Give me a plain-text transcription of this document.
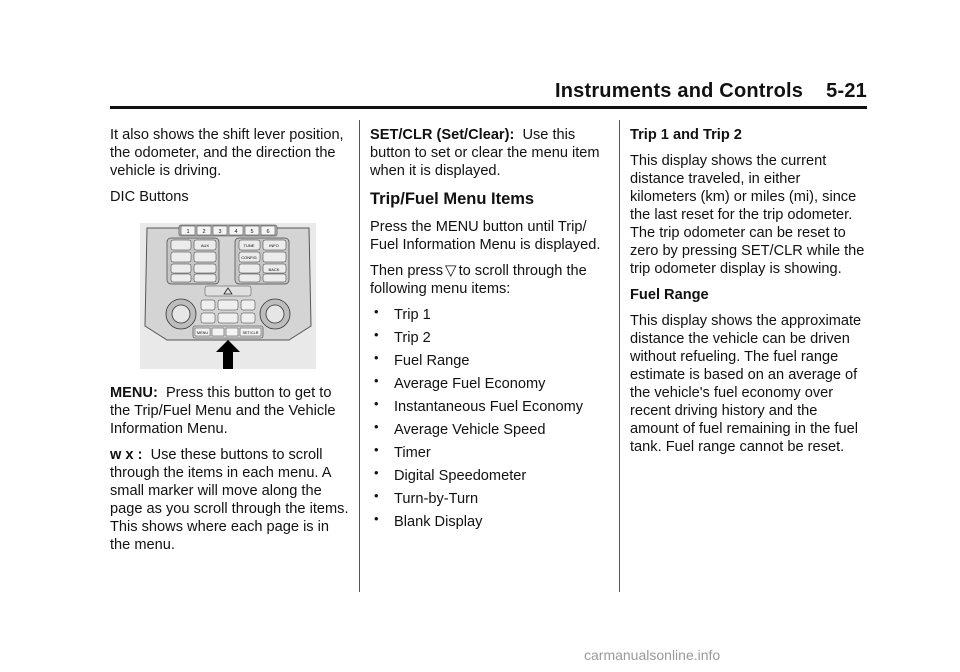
Instruments and Controls 5-21

It also shows the shift lever position, the odometer, and the direction the vehicle is driving.

DIC Buttons

1 2 3 4 5 6
AUX	TUNE	INFO
CONFIG
BACK
MENU	SET/CLR

MENU: Press this button to get to the Trip/Fuel Menu and the Vehicle Information Menu.

w x : Use these buttons to scroll through the items in each menu. A small marker will move along the page as you scroll through the items. This shows where each page is in the menu.

SET/CLR (Set/Clear): Use this button to set or clear the menu item when it is displayed.

Trip/Fuel Menu Items

Press the MENU button until Trip/ Fuel Information Menu is displayed.

Then press ▽ to scroll through the following menu items:

• Trip 1
• Trip 2
• Fuel Range
• Average Fuel Economy
• Instantaneous Fuel Economy
• Average Vehicle Speed
• Timer
• Digital Speedometer
• Turn-by-Turn
• Blank Display

Trip 1 and Trip 2

This display shows the current distance traveled, in either kilometers (km) or miles (mi), since the last reset for the trip odometer. The trip odometer can be reset to zero by pressing SET/CLR while the trip odometer display is showing.

Fuel Range

This display shows the approximate distance the vehicle can be driven without refueling. The fuel range estimate is based on an average of the vehicle's fuel economy over recent driving history and the amount of fuel remaining in the fuel tank. Fuel range cannot be reset.

carmanualsonline.info
